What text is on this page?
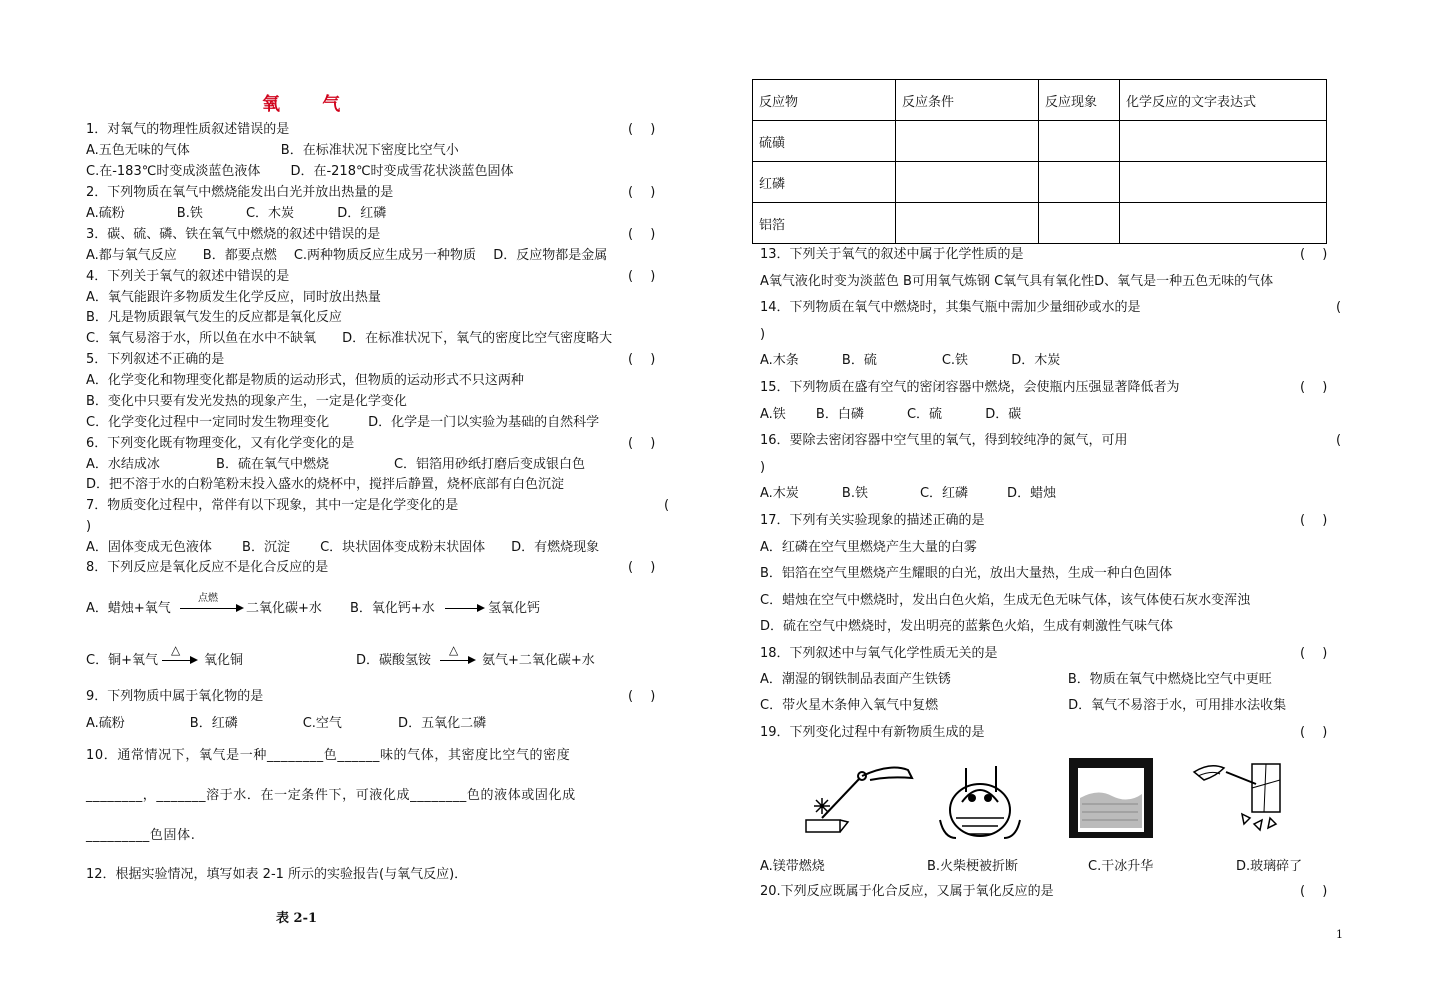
氧 气
A．蜡烛+氧气
点燃
二氧化碳+水 B．氧化钙+水	氢氧化钙
C．铜+氧气
△
氧化铜	D．碳酸氢铵
△
氨气+二氧化碳+水
9．下列物质中属于氧化物的是	(　 )
A.硫粉　　　　　B．红磷　　　　　C.空气　　　　 D．五氧化二磷
10．通常情况下，氧气是一种________色______味的气体，其密度比空气的密度
________，_______溶于水．在一定条件下，可液化成________色的液体或固化成
_________色固体.
12．根据实验情况，填写如表 2-1 所示的实验报告(与氧气反应)．
表 2-1
反应物	反应条件	反应现象	化学反应的文字表达式
硫磺			
红磷			
铝箔			
A.镁带燃烧	B.火柴梗被折断	C.干冰升华	D.玻璃碎了
20.下列反应既属于化合反应，又属于氧化反应的是	(　 )
1
1．对氧气的物理性质叙述错误的是	(　 )
A.五色无味的气体　　　　　　　B．在标准状况下密度比空气小
C.在-183℃时变成淡蓝色液体　　 D．在-218℃时变成雪花状淡蓝色固体
2．下列物质在氧气中燃烧能发出白光并放出热量的是	(　 )
A.硫粉　　　　B.铁　　　 C．木炭　　　 D．红磷
3．碳、硫、磷、铁在氧气中燃烧的叙述中错误的是	(　 )
A.都与氧气反应　　B．都要点燃　 C.两种物质反应生成另一种物质　 D．反应物都是金属
4．下列关于氧气的叙述中错误的是	(　 )
A．氧气能跟许多物质发生化学反应，同时放出热量
B．凡是物质跟氧气发生的反应都是氧化反应
C．氧气易溶于水，所以鱼在水中不缺氧　　D．在标准状况下，氧气的密度比空气密度略大
5．下列叙述不正确的是	(　 )
A．化学变化和物理变化都是物质的运动形式，但物质的运动形式不只这两种
B．变化中只要有发光发热的现象产生，一定是化学变化
C．化学变化过程中一定同时发生物理变化　　　D．化学是一门以实验为基础的自然科学
6．下列变化既有物理变化，又有化学变化的是	(　 )
A．水结成冰　　　　 B．硫在氧气中燃烧　　　　　C．铝箔用砂纸打磨后变成银白色
D．把不溶于水的白粉笔粉末投入盛水的烧杯中，搅拌后静置，烧杯底部有白色沉淀
7．物质变化过程中，常伴有以下现象，其中一定是化学变化的是	(
)
A．固体变成无色液体　　 B．沉淀　　 C．块状固体变成粉末状固体　　D．有燃烧现象
8．下列反应是氧化反应不是化合反应的是	(　 )
13．下列关于氧气的叙述中属于化学性质的是	(　 )
A氧气液化时变为淡蓝色 B可用氧气炼钢 C氧气具有氧化性D、氧气是一种五色无味的气体
14．下列物质在氧气中燃烧时，其集气瓶中需加少量细砂或水的是	(
)
A.木条　　　 B．硫　　　　　C.铁　　　 D．木炭
15．下列物质在盛有空气的密闭容器中燃烧，会使瓶内压强显著降低者为	(　 )
A.铁　　 B．白磷　　　 C．硫　　　 D．碳
16．要除去密闭容器中空气里的氧气，得到较纯净的氮气，可用	(
)
A.木炭　　　 B.铁　　　　C．红磷　　　D．蜡烛
17．下列有关实验现象的描述正确的是	(　 )
A．红磷在空气里燃烧产生大量的白雾
B．铝箔在空气里燃烧产生耀眼的白光，放出大量热，生成一种白色固体
C．蜡烛在空气中燃烧时，发出白色火焰，生成无色无味气体，该气体使石灰水变浑浊
D．硫在空气中燃烧时，发出明亮的蓝紫色火焰，生成有刺激性气味气体
18．下列叙述中与氧气化学性质无关的是	(　 )
A．潮湿的钢铁制品表面产生铁锈　　　　　　　　　B．物质在氧气中燃烧比空气中更旺
C．带火星木条伸入氧气中复燃　　　　　　　　　　D．氧气不易溶于水，可用排水法收集
19．下列变化过程中有新物质生成的是	(　 )
